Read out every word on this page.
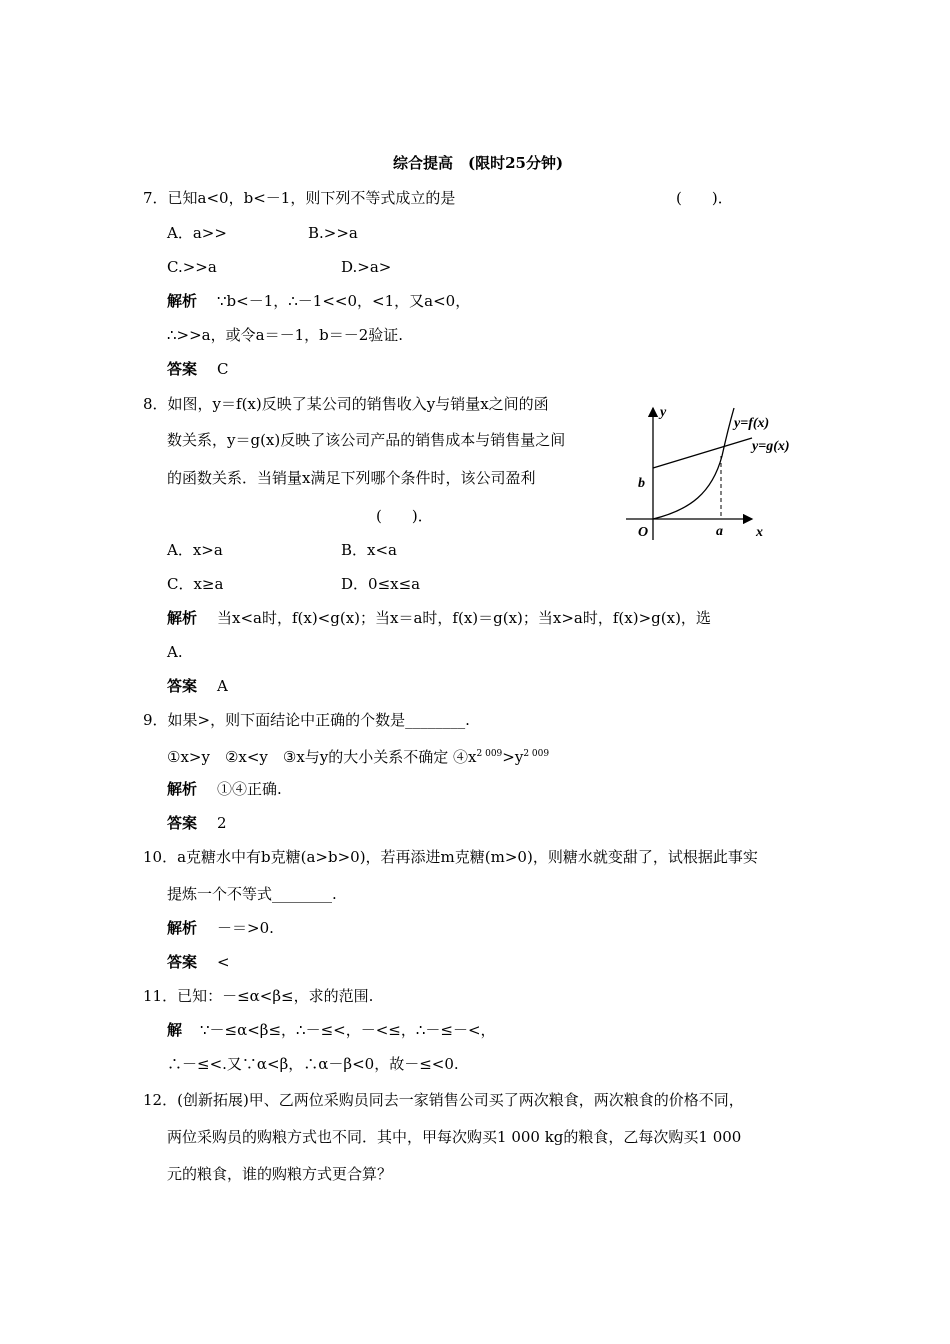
综合提高　(限时25分钟)
7．已知a<0，b<－1，则下列不等式成立的是	(　　)．
A．a>>	B.>>a
C.>>a	D.>a>
解析 ∵b<－1，∴－1<<0，<1，又a<0，
∴>>a，或令a＝－1，b＝－2验证.
答案 C
8．如图，y＝f(x)反映了某公司的销售收入y与销量x之间的函
数关系，y＝g(x)反映了该公司产品的销售成本与销售量之间
的函数关系．当销量x满足下列哪个条件时，该公司盈利
(　　)．
A．x>a	B．x<a
C．x≥a	D．0≤x≤a
解析 当x<a时，f(x)<g(x)；当x＝a时，f(x)＝g(x)；当x>a时，f(x)>g(x)，选
A.
答案 A
y
x
O
b
a
y=f(x)
y=g(x)
9．如果>，则下面结论中正确的个数是________.
①x>y　②x<y　③x与y的大小关系不确定 $④x^{2 009}>y^{2 009}$
解析 ①④正确.
答案 2
10．a克糖水中有b克糖(a>b>0)，若再添进m克糖(m>0)，则糖水就变甜了，试根据此事实
提炼一个不等式________.
解析 －＝>0.
答案 <
11．已知：－≤α<β≤，求的范围.
解 ∵－≤α<β≤，∴－≤<，－<≤，∴－≤－<，
∴－≤<.又∵α<β，∴α－β<0，故－≤<0.
12．(创新拓展)甲、乙两位采购员同去一家销售公司买了两次粮食，两次粮食的价格不同，
两位采购员的购粮方式也不同．其中，甲每次购买1 000 kg的粮食，乙每次购买1 000
元的粮食，谁的购粮方式更合算？
